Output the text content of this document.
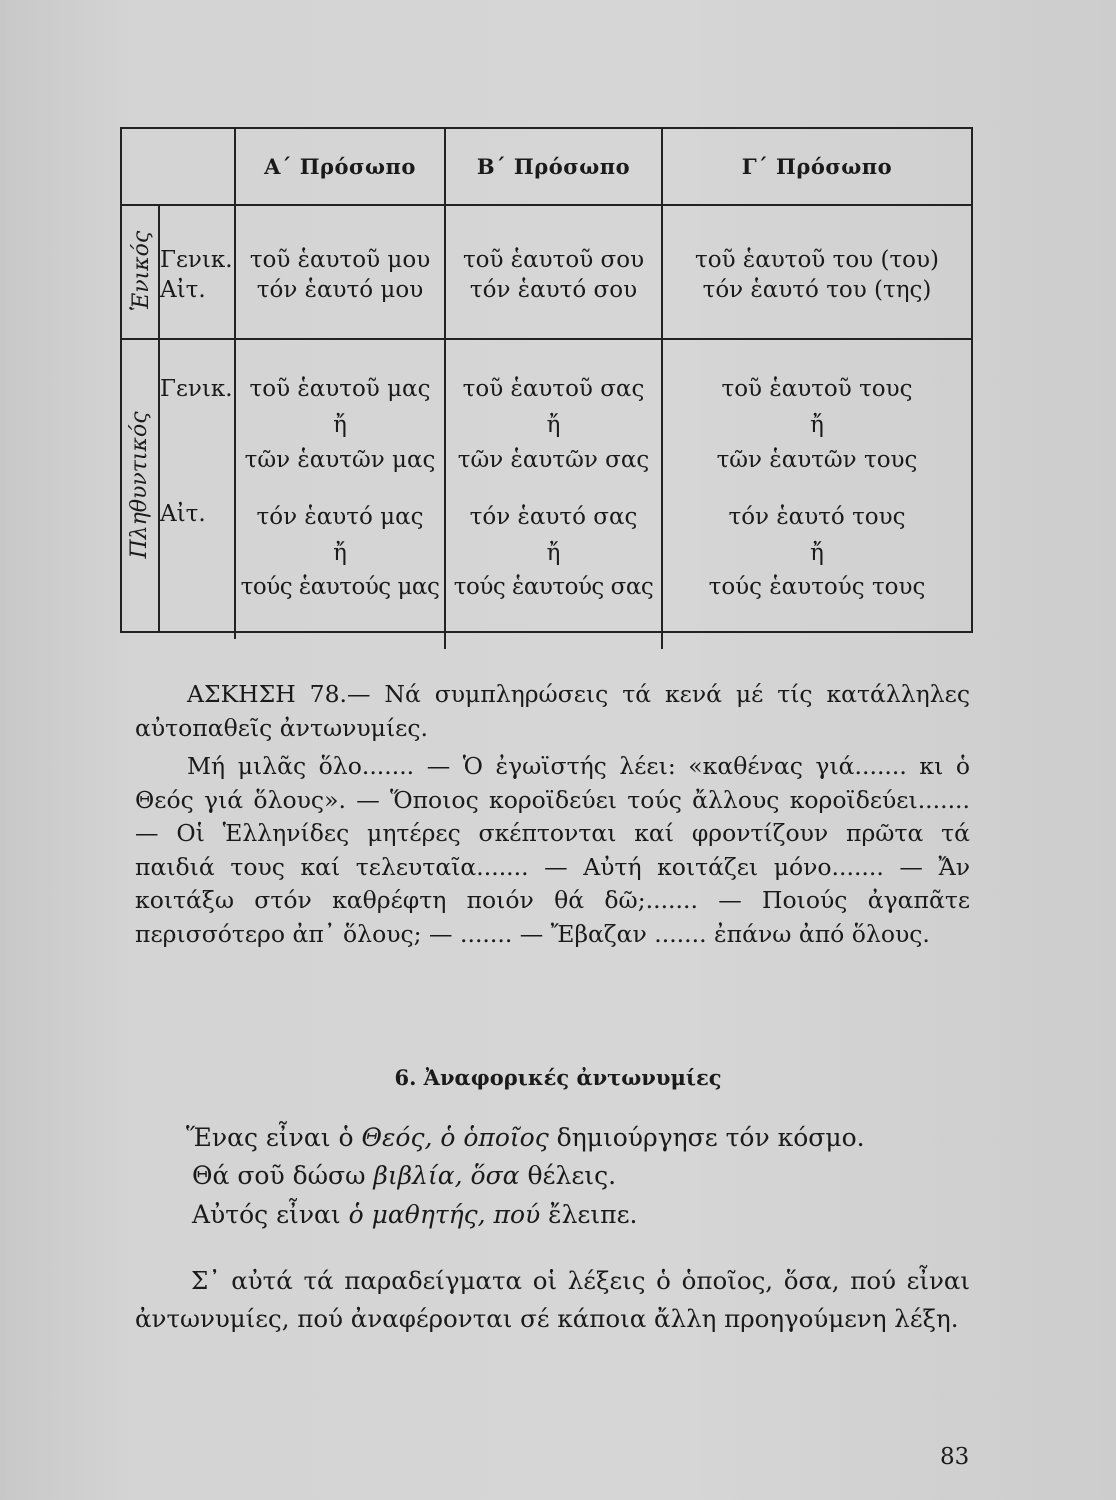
Α΄ Πρόσωπο	Β΄ Πρόσωπο	Γ΄ Πρόσωπο
Ἑνικός
Πληθυντικός
Γενικ.
Αἰτ.
τοῦ ἑαυτοῦ μου
τόν ἑαυτό μου
τοῦ ἑαυτοῦ σου
τόν ἑαυτό σου
τοῦ ἑαυτοῦ του (του)
τόν ἑαυτό του (της)
Γενικ.
Αἰτ.
τοῦ ἑαυτοῦ μας
ἤ
τῶν ἑαυτῶν μας
τοῦ ἑαυτοῦ σας
ἤ
τῶν ἑαυτῶν σας
τοῦ ἑαυτοῦ τους
ἤ
τῶν ἑαυτῶν τους
τόν ἑαυτό μας
ἤ
τούς ἑαυτούς μας
τόν ἑαυτό σας
ἤ
τούς ἑαυτούς σας
τόν ἑαυτό τους
ἤ
τούς ἑαυτούς τους
ΑΣΚΗΣΗ 78.— Νά συμπληρώσεις τά κενά μέ τίς κατάλληλες αὐτοπαθεῖς ἀντωνυμίες.
Μή μιλᾶς ὅλο....... — Ὁ ἐγωϊστής λέει: «καθένας γιά....... κι ὁ Θεός γιά ὅλους». — Ὅποιος κοροϊδεύει τούς ἄλλους κοροϊδεύει....... — Οἱ Ἑλληνίδες μητέρες σκέπτονται καί φροντίζουν πρῶτα τά παιδιά τους καί τελευταῖα....... — Αὐτή κοιτάζει μόνο....... — Ἄν κοιτάξω στόν καθρέφτη ποιόν θά δῶ;....... — Ποιούς ἀγαπᾶτε περισσότερο ἀπ᾽ ὅλους; — ....... — Ἔβαζαν ....... ἐπάνω ἀπό ὅλους.
6. Ἀναφορικές ἀντωνυμίες
Ἕνας εἶναι ὁ Θεός, ὁ ὁποῖος δημιούργησε τόν κόσμο.
Θά σοῦ δώσω βιβλία, ὅσα θέλεις.
Αὐτός εἶναι ὁ μαθητής, πού ἔλειπε.
Σ᾽ αὐτά τά παραδείγματα οἱ λέξεις ὁ ὁποῖος, ὅσα, πού εἶναι ἀντωνυμίες, πού ἀναφέρονται σέ κάποια ἄλλη προηγούμενη λέξη.
83
